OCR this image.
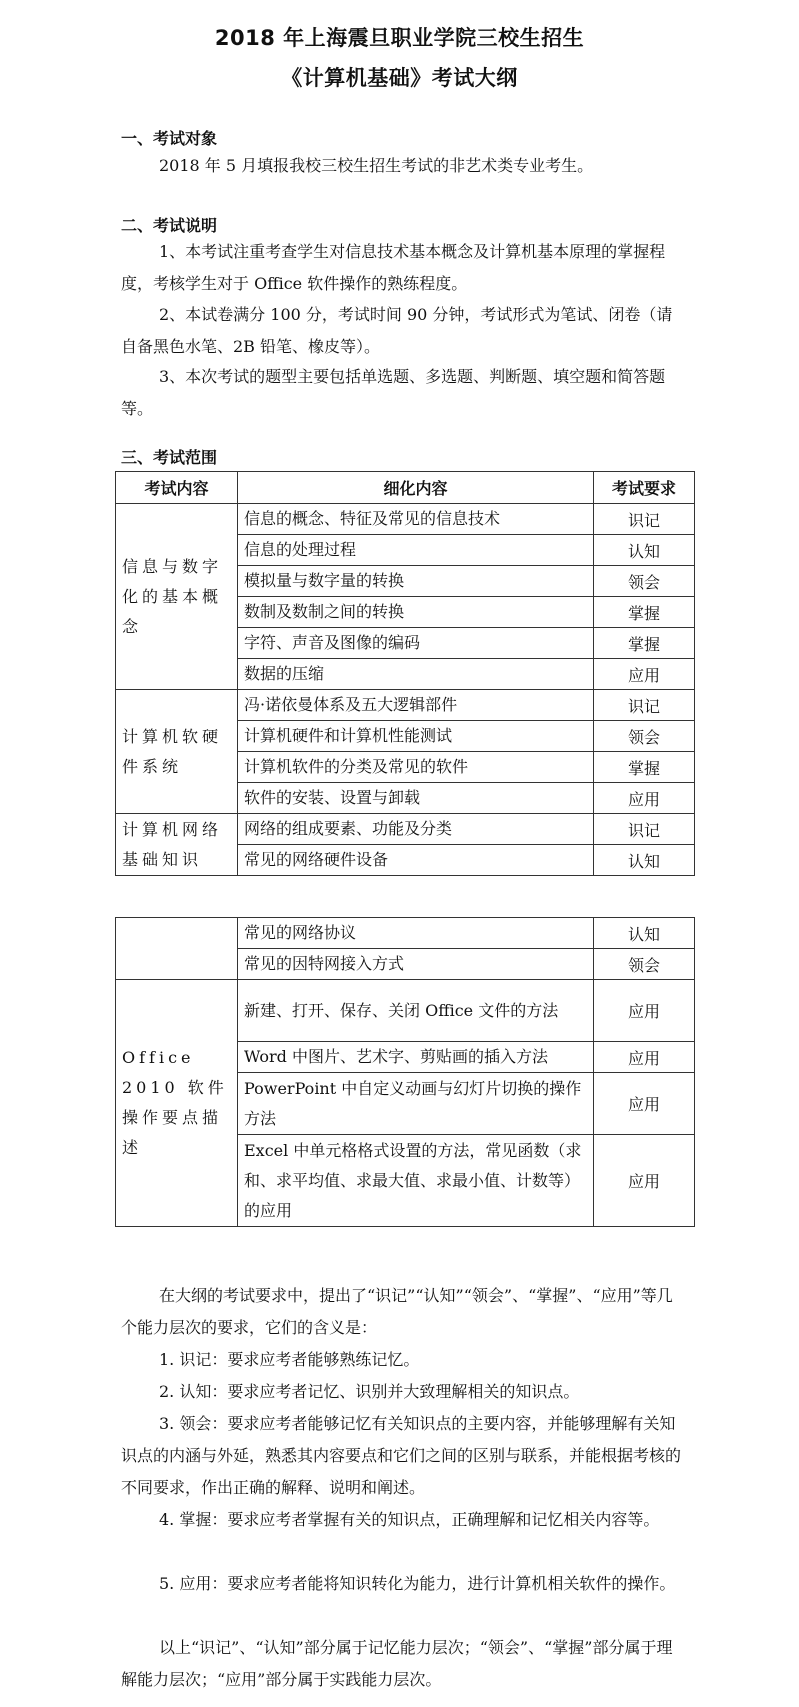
2018 年上海震旦职业学院三校生招生
《计算机基础》考试大纲
一、考试对象
2018 年 5 月填报我校三校生招生考试的非艺术类专业考生。
二、考试说明
1、本考试注重考查学生对信息技术基本概念及计算机基本原理的掌握程度，考核学生对于 Office 软件操作的熟练程度。
2、本试卷满分 100 分，考试时间 90 分钟，考试形式为笔试、闭卷（请自备黑色水笔、2B 铅笔、橡皮等）。
3、本次考试的题型主要包括单选题、多选题、判断题、填空题和简答题等。
三、考试范围
考试内容	细化内容	考试要求
信息与数字化的基本概念	信息的概念、特征及常见的信息技术	识记
	信息的处理过程	认知
	模拟量与数字量的转换	领会
	数制及数制之间的转换	掌握
	字符、声音及图像的编码	掌握
	数据的压缩	应用
计算机软硬件系统	冯·诺依曼体系及五大逻辑部件	识记
	计算机硬件和计算机性能测试	领会
	计算机软件的分类及常见的软件	掌握
	软件的安装、设置与卸载	应用
计算机网络基础知识	网络的组成要素、功能及分类	识记
	常见的网络硬件设备	认知
	常见的网络协议	认知
	常见的因特网接入方式	领会
Office 2010 软件操作要点描述	新建、打开、保存、关闭 Office 文件的方法	应用
	Word 中图片、艺术字、剪贴画的插入方法	应用
	PowerPoint 中自定义动画与幻灯片切换的操作方法	应用
	Excel 中单元格格式设置的方法，常见函数（求和、求平均值、求最大值、求最小值、计数等）的应用	应用
在大纲的考试要求中，提出了“识记”“认知”“领会”、“掌握”、“应用”等几个能力层次的要求，它们的含义是：
1. 识记：要求应考者能够熟练记忆。
2. 认知：要求应考者记忆、识别并大致理解相关的知识点。
3. 领会：要求应考者能够记忆有关知识点的主要内容，并能够理解有关知识点的内涵与外延，熟悉其内容要点和它们之间的区别与联系，并能根据考核的不同要求，作出正确的解释、说明和阐述。
4. 掌握：要求应考者掌握有关的知识点，正确理解和记忆相关内容等。
5. 应用：要求应考者能将知识转化为能力，进行计算机相关软件的操作。
以上“识记”、“认知”部分属于记忆能力层次；“领会”、“掌握”部分属于理解能力层次；“应用”部分属于实践能力层次。
